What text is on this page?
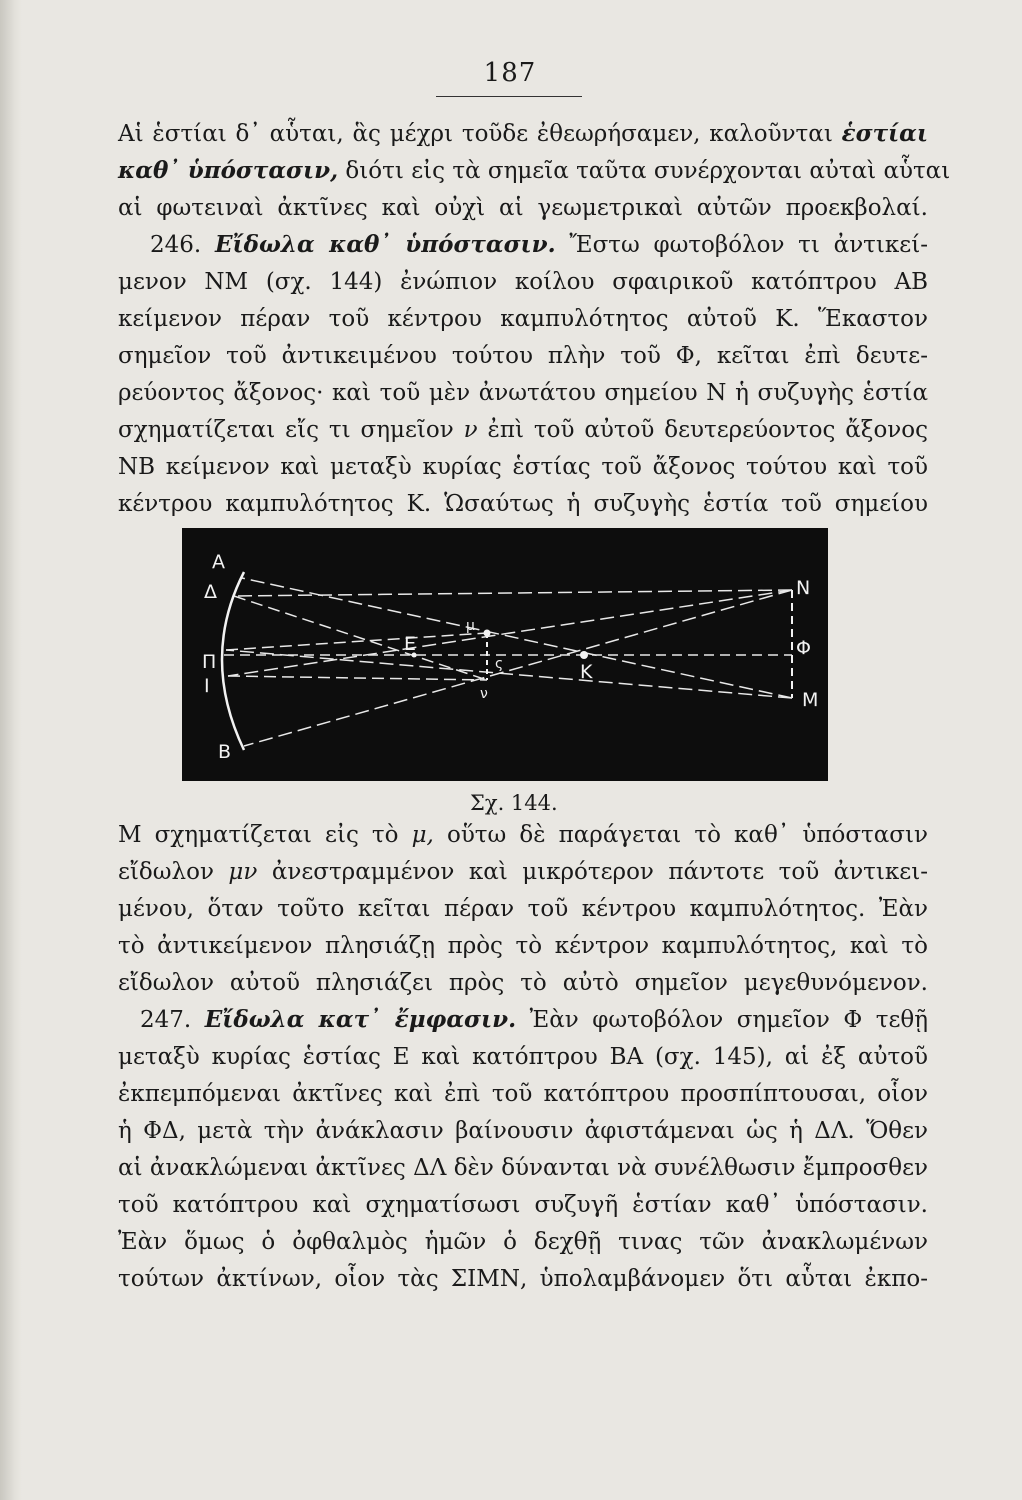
187
Αἱ ἑστίαι δ᾽ αὗται, ἃς μέχρι τοῦδε ἐθεωρήσαμεν, καλοῦνται ἑστίαι
καθ᾽ ὑπόστασιν, διότι εἰς τὰ σημεῖα ταῦτα συνέρχονται αὐταὶ αὗται
αἱ φωτειναὶ ἀκτῖνες καὶ οὐχὶ αἱ γεωμετρικαὶ αὐτῶν προεκβολαί.
246. Εἴδωλα καθ᾽ ὑπόστασιν. Ἔστω φωτοβόλον τι ἀντικεί-
μενον ΝΜ (σχ. 144) ἐνώπιον κοίλου σφαιρικοῦ κατόπτρου ΑΒ
κείμενον πέραν τοῦ κέντρου καμπυλότητος αὐτοῦ Κ. Ἕκαστον
σημεῖον τοῦ ἀντικειμένου τούτου πλὴν τοῦ Φ, κεῖται ἐπὶ δευτε-
ρεύοντος ἄξονος· καὶ τοῦ μὲν ἀνωτάτου σημείου Ν ἡ συζυγὴς ἑστία
σχηματίζεται εἴς τι σημεῖον ν ἐπὶ τοῦ αὐτοῦ δευτερεύοντος ἄξονος
NB κείμενον καὶ μεταξὺ κυρίας ἑστίας τοῦ ἄξονος τούτου καὶ τοῦ
κέντρου καμπυλότητος Κ. Ὡσαύτως ἡ συζυγὴς ἑστία τοῦ σημείου
Α
Δ
Π
Ι
Β
Ε
Κ
μ
ς
ν
Ν
Φ
Μ
Σχ. 144.
Μ σχηματίζεται εἰς τὸ μ, οὕτω δὲ παράγεται τὸ καθ᾽ ὑπόστασιν
εἴδωλον μν ἀνεστραμμένον καὶ μικρότερον πάντοτε τοῦ ἀντικει-
μένου, ὅταν τοῦτο κεῖται πέραν τοῦ κέντρου καμπυλότητος. Ἐὰν
τὸ ἀντικείμενον πλησιάζῃ πρὸς τὸ κέντρον καμπυλότητος, καὶ τὸ
εἴδωλον αὐτοῦ πλησιάζει πρὸς τὸ αὐτὸ σημεῖον μεγεθυνόμενον.
247. Εἴδωλα κατ᾽ ἔμφασιν. Ἐὰν φωτοβόλον σημεῖον Φ τεθῇ
μεταξὺ κυρίας ἑστίας Ε καὶ κατόπτρου ΒΑ (σχ. 145), αἱ ἐξ αὐτοῦ
ἐκπεμπόμεναι ἀκτῖνες καὶ ἐπὶ τοῦ κατόπτρου προσπίπτουσαι, οἷον
ἡ ΦΔ, μετὰ τὴν ἀνάκλασιν βαίνουσιν ἀφιστάμεναι ὡς ἡ ΔΛ. Ὅθεν
αἱ ἀνακλώμεναι ἀκτῖνες ΔΛ δὲν δύνανται νὰ συνέλθωσιν ἔμπροσθεν
τοῦ κατόπτρου καὶ σχηματίσωσι συζυγῆ ἑστίαν καθ᾽ ὑπόστασιν.
Ἐὰν ὅμως ὁ ὀφθαλμὸς ἡμῶν ὁ δεχθῇ τινας τῶν ἀνακλωμένων
τούτων ἀκτίνων, οἷον τὰς ΣΙΜΝ, ὑπολαμβάνομεν ὅτι αὗται ἐκπο-
